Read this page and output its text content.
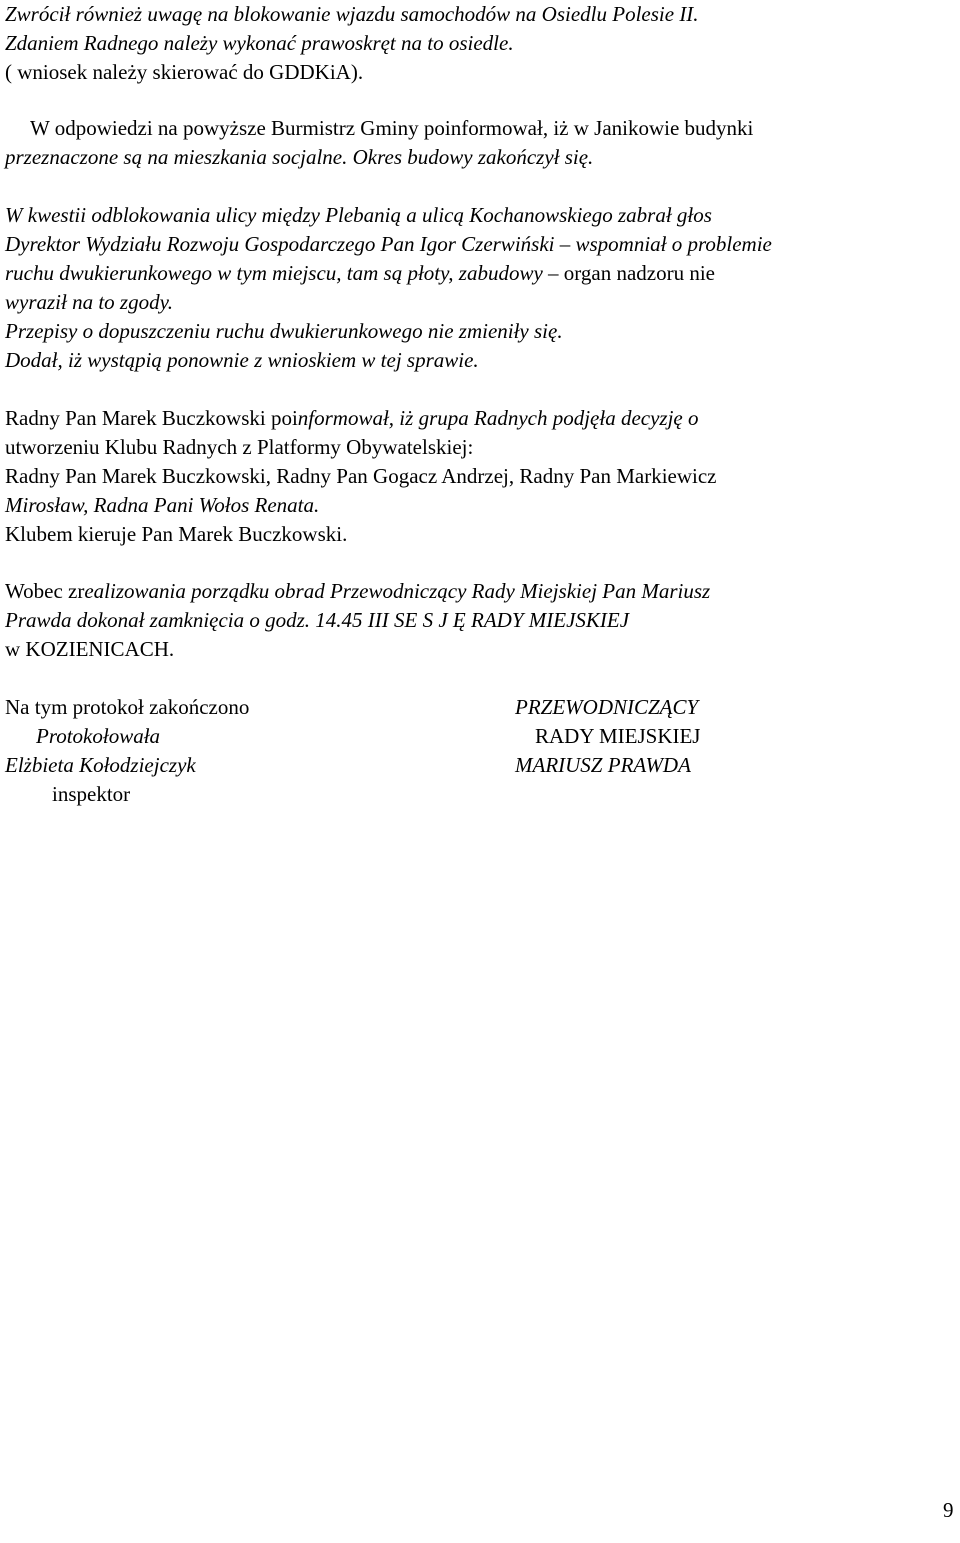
Zwrócił również uwagę na blokowanie wjazdu samochodów na Osiedlu Polesie II.
Zdaniem Radnego należy wykonać prawoskręt na to osiedle.
( wniosek należy skierować do GDDKiA).
W odpowiedzi na powyższe Burmistrz Gminy poinformował, iż w Janikowie budynki
przeznaczone są na mieszkania socjalne. Okres budowy zakończył się.
W kwestii odblokowania ulicy między Plebanią a ulicą Kochanowskiego zabrał głos
Dyrektor Wydziału Rozwoju Gospodarczego Pan Igor Czerwiński – wspomniał o problemie
ruchu dwukierunkowego w tym miejscu, tam są płoty, zabudowy – organ nadzoru nie
wyraził na to zgody.
Przepisy o dopuszczeniu ruchu dwukierunkowego nie zmieniły się.
Dodał, iż wystąpią ponownie z wnioskiem w tej sprawie.
Radny Pan Marek Buczkowski poinformował, iż grupa Radnych podjęła decyzję o
utworzeniu Klubu Radnych z Platformy Obywatelskiej:
Radny Pan Marek Buczkowski, Radny Pan Gogacz Andrzej, Radny Pan Markiewicz
Mirosław, Radna Pani Wołos Renata.
Klubem kieruje Pan Marek Buczkowski.
Wobec zrealizowania porządku obrad Przewodniczący Rady Miejskiej Pan Mariusz
Prawda dokonał zamknięcia o godz. 14.45 III SE S J Ę RADY MIEJSKIEJ
w KOZIENICACH.
Na tym protokoł zakończono
Protokołowała
Elżbieta Kołodziejczyk
inspektor
PRZEWODNICZĄCY
RADY MIEJSKIEJ
MARIUSZ PRAWDA
9
